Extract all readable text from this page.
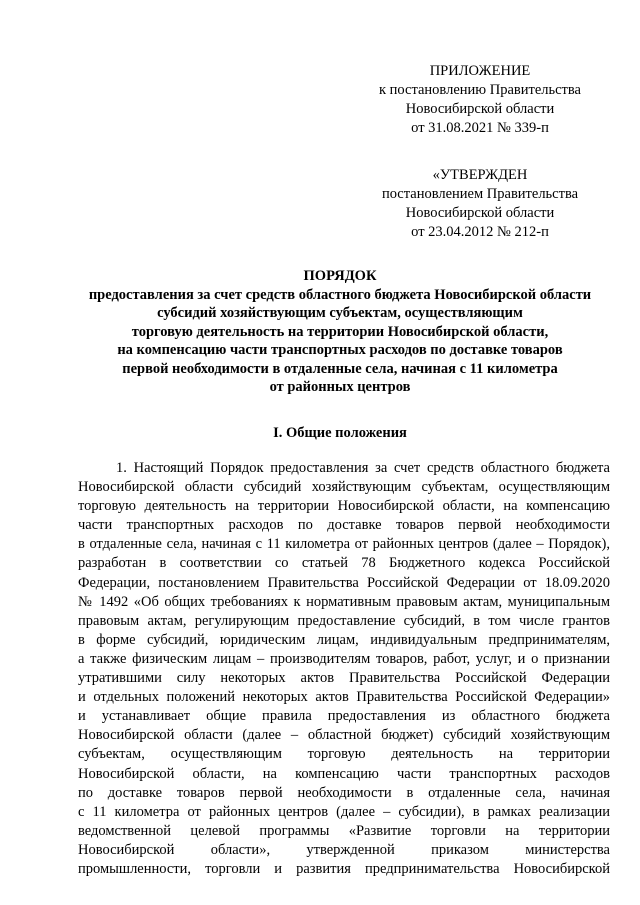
ПРИЛОЖЕНИЕ
к постановлению Правительства
Новосибирской области
от 31.08.2021 № 339-п
«УТВЕРЖДЕН
постановлением Правительства
Новосибирской области
от 23.04.2012 № 212-п
ПОРЯДОК
предоставления за счет средств областного бюджета Новосибирской области
субсидий хозяйствующим субъектам, осуществляющим
торговую деятельность на территории Новосибирской области,
на компенсацию части транспортных расходов по доставке товаров
первой необходимости в отдаленные села, начиная с 11 километра
от районных центров
I. Общие положения
1. Настоящий Порядок предоставления за счет средств областного бюджета
Новосибирской области субсидий хозяйствующим субъектам, осуществляющим
торговую деятельность на территории Новосибирской области, на компенсацию
части транспортных расходов по доставке товаров первой необходимости
в отдаленные села, начиная с 11 километра от районных центров (далее – Порядок),
разработан в соответствии со статьей 78 Бюджетного кодекса Российской
Федерации, постановлением Правительства Российской Федерации от 18.09.2020
№ 1492 «Об общих требованиях к нормативным правовым актам, муниципальным
правовым актам, регулирующим предоставление субсидий, в том числе грантов
в форме субсидий, юридическим лицам, индивидуальным предпринимателям,
а также физическим лицам – производителям товаров, работ, услуг, и о признании
утратившими силу некоторых актов Правительства Российской Федерации
и отдельных положений некоторых актов Правительства Российской Федерации»
и устанавливает общие правила предоставления из областного бюджета
Новосибирской области (далее – областной бюджет) субсидий хозяйствующим
субъектам, осуществляющим торговую деятельность на территории
Новосибирской области, на компенсацию части транспортных расходов
по доставке товаров первой необходимости в отдаленные села, начиная
с 11 километра от районных центров (далее – субсидии), в рамках реализации
ведомственной целевой программы «Развитие торговли на территории
Новосибирской области», утвержденной приказом министерства
промышленности, торговли и развития предпринимательства Новосибирской
